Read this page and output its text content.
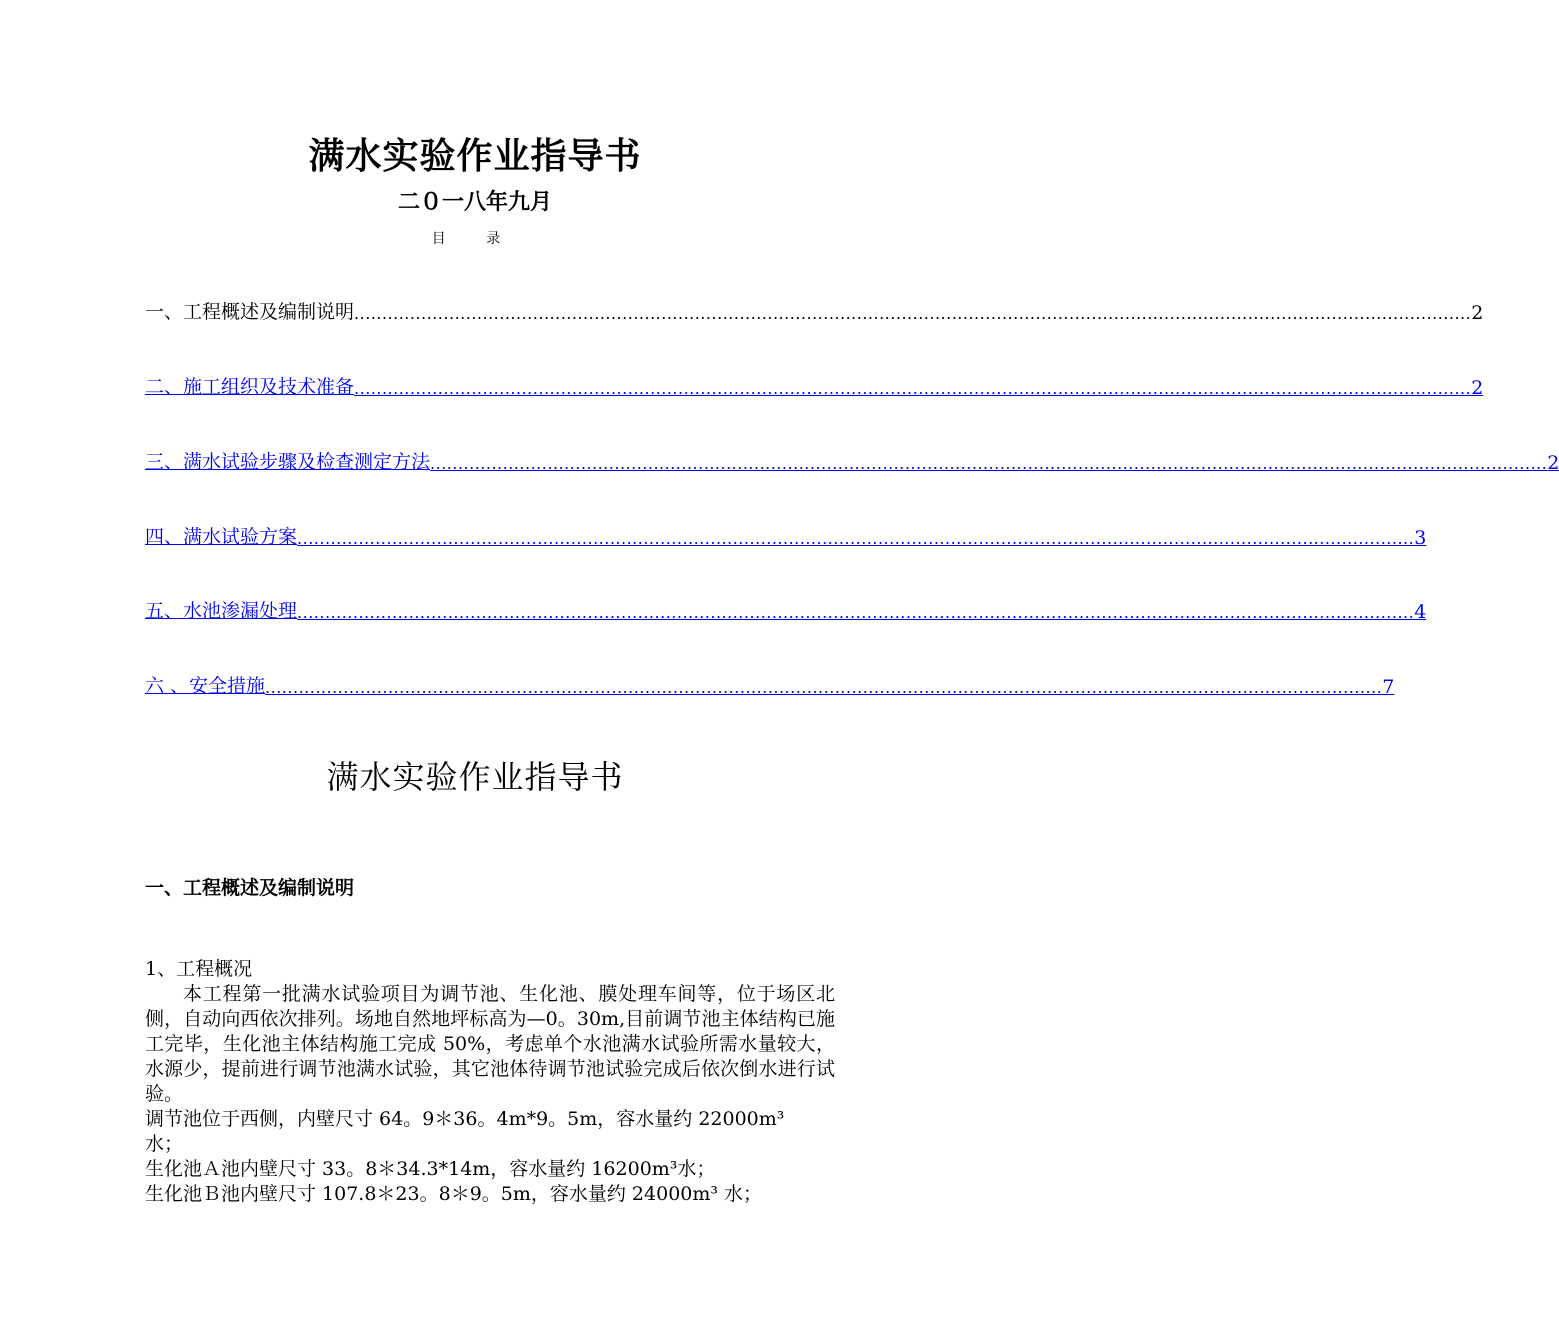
满水实验作业指导书
二０一八年九月
目 录
一、工程概述及编制说明 ........................................................................................................................................................................................................ 2
二、施工组织及技术准备 ........................................................................................................................................................................................................ 2
三、满水试验步骤及检查测定方法 ........................................................................................................................................................................................................ 2
四、满水试验方案 ........................................................................................................................................................................................................ 3
五、水池渗漏处理 ........................................................................................................................................................................................................ 4
六 、安全措施 ........................................................................................................................................................................................................ 7
满水实验作业指导书
一、工程概述及编制说明
1、工程概况
本工程第一批满水试验项目为调节池、生化池、膜处理车间等，位于场区北侧，自动向西依次排列。场地自然地坪标高为—0。30m,目前调节池主体结构已施工完毕，生化池主体结构施工完成 50%，考虑单个水池满水试验所需水量较大，水源少，提前进行调节池满水试验，其它池体待调节池试验完成后依次倒水进行试验。
调节池位于西侧，内壁尺寸 64。9＊36。4m*9。5m，容水量约 22000m³
水；
生化池Ａ池内壁尺寸 33。8＊34.3*14m，容水量约 16200m³水；
生化池Ｂ池内壁尺寸 107.8＊23。8＊9。5m，容水量约 24000m³ 水；
